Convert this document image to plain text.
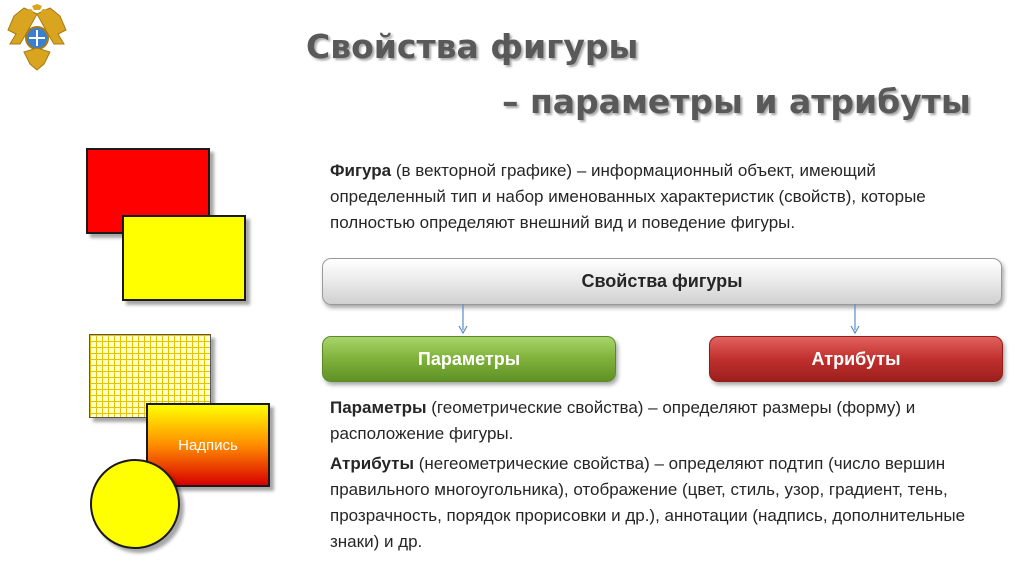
Свойства фигуры
– параметры и атрибуты
Надпись
Фигура (в векторной графике) – информационный объект, имеющий определенный тип и набор именованных характеристик (свойств), которые полностью определяют внешний вид и поведение фигуры.
Свойства фигуры
Параметры	Атрибуты
Параметры (геометрические свойства) – определяют размеры (форму) и расположение фигуры.
Атрибуты (негеометрические свойства) – определяют подтип (число вершин правильного многоугольника), отображение (цвет, стиль, узор, градиент, тень, прозрачность, порядок прорисовки и др.), аннотации (надпись, дополнительные знаки) и др.
